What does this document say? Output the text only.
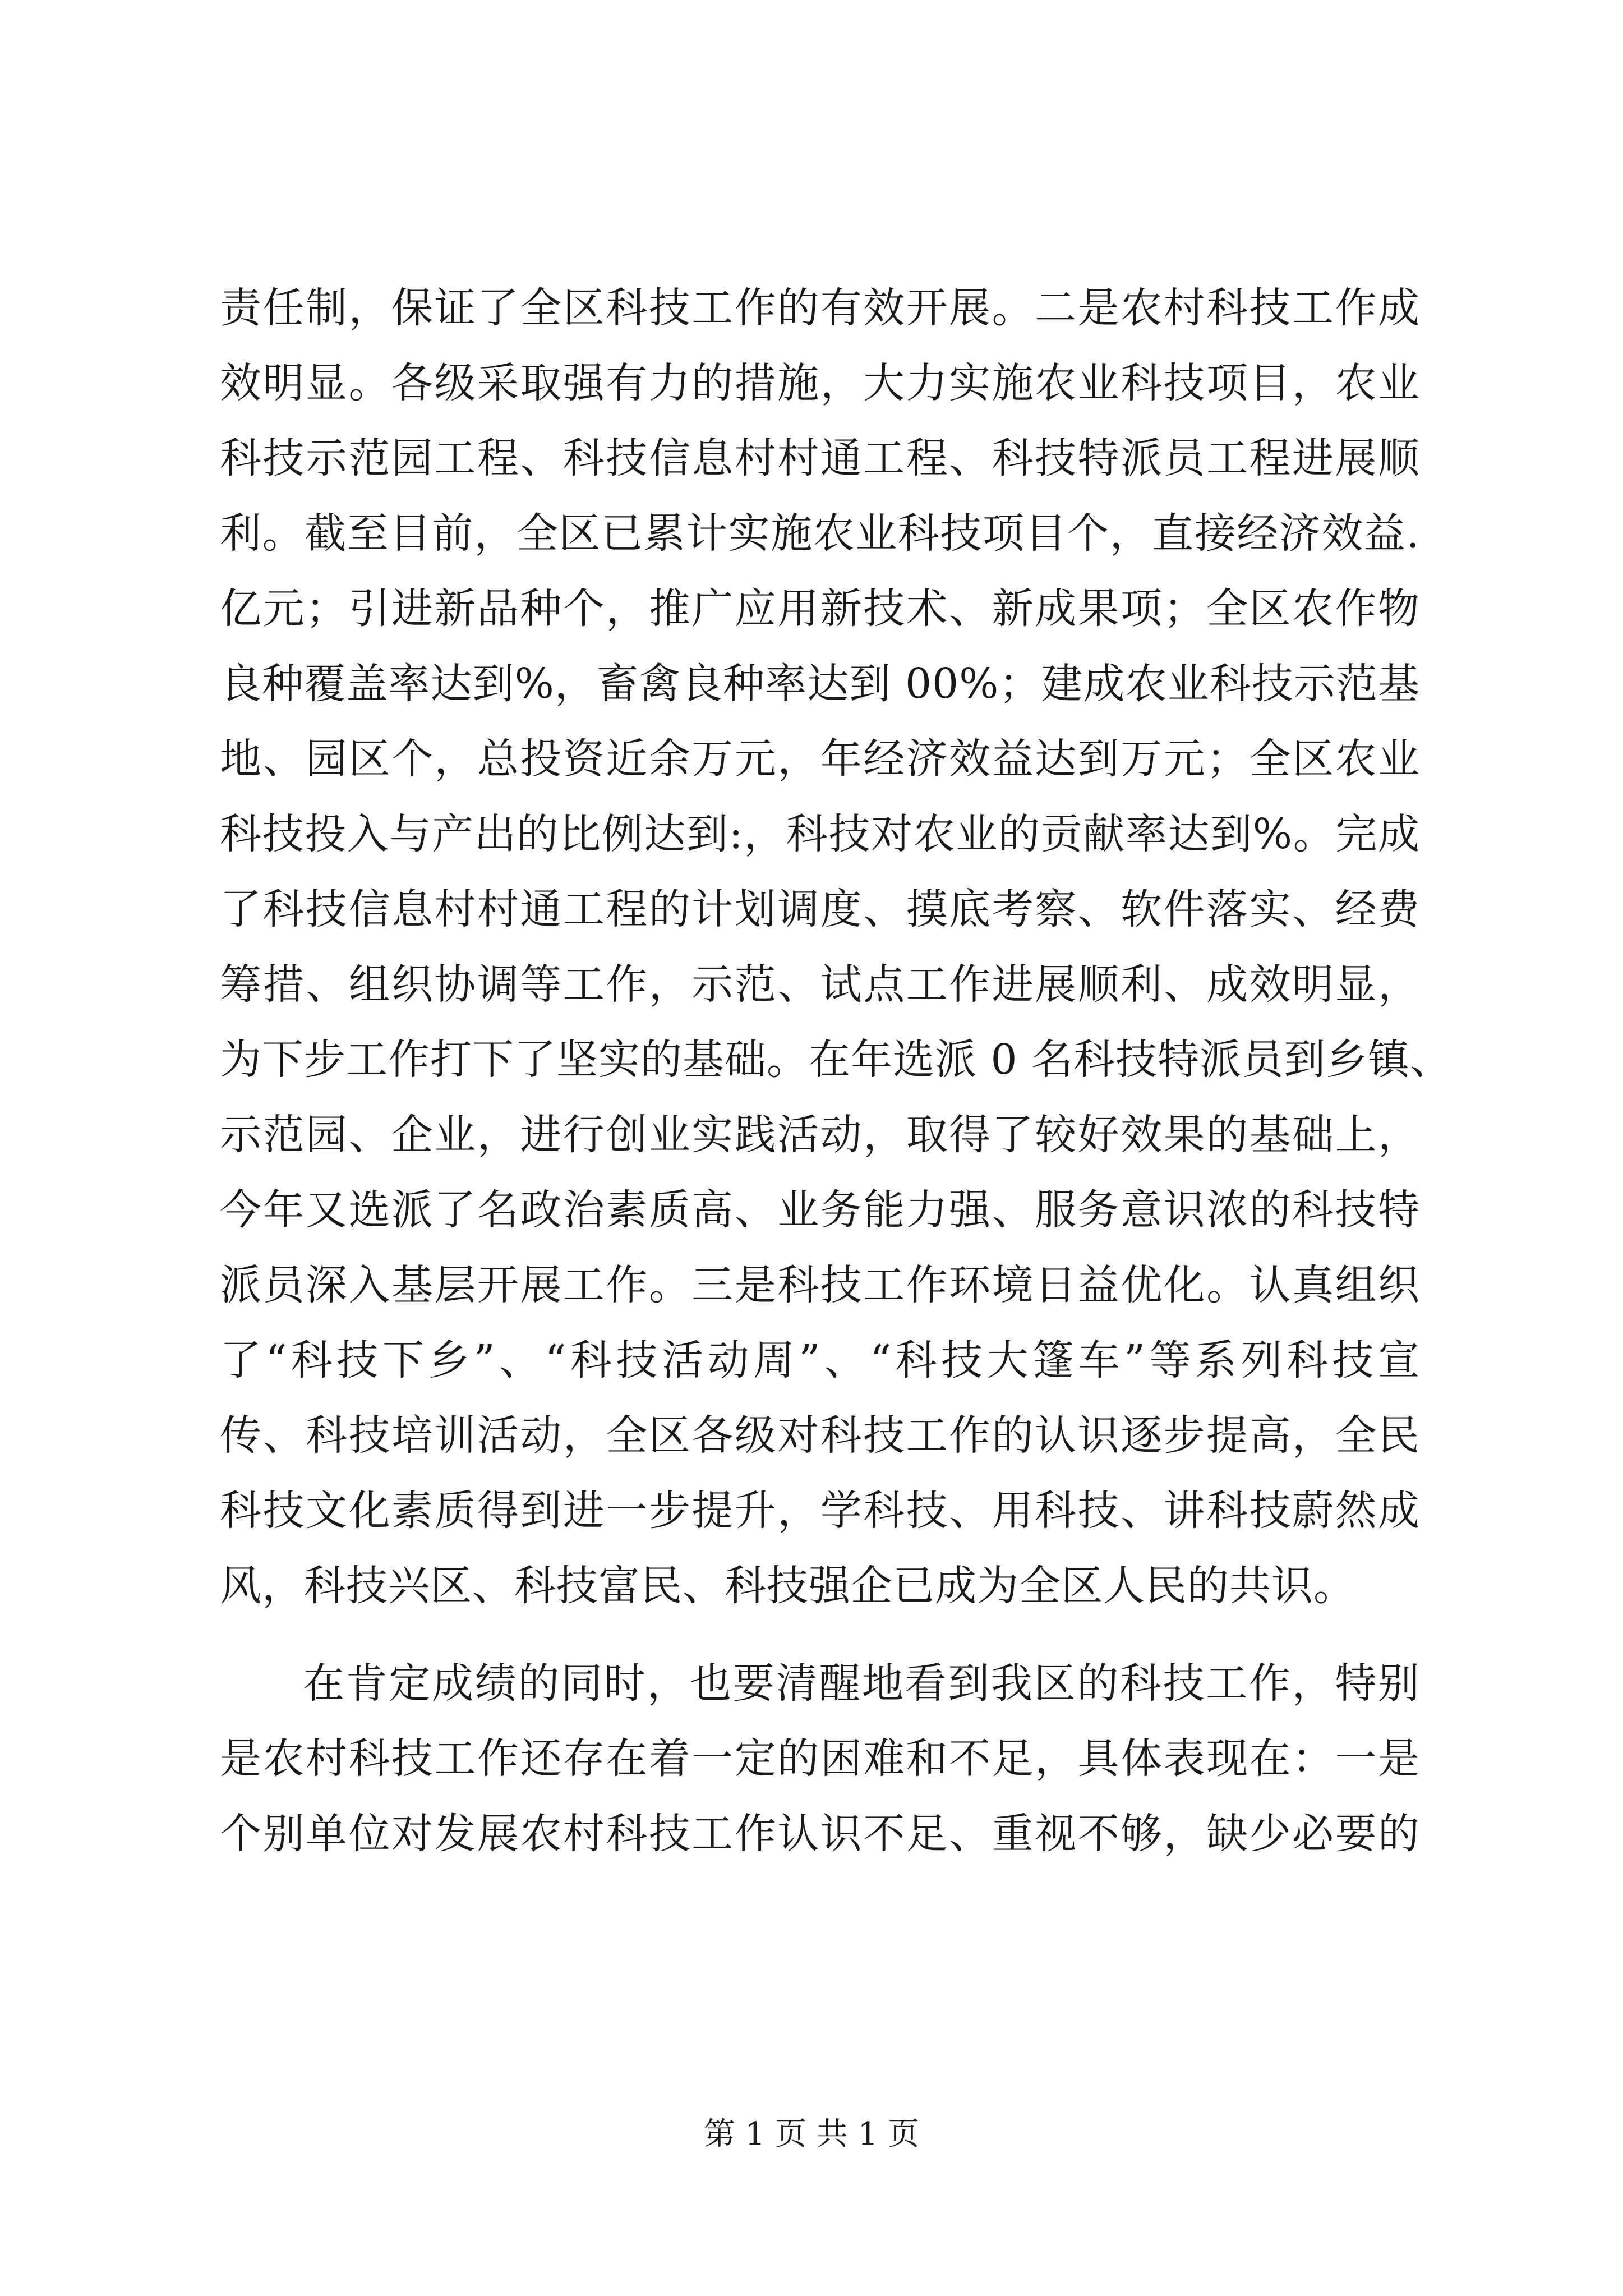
责任制，保证了全区科技工作的有效开展。二是农村科技工作成
效明显。各级采取强有力的措施，大力实施农业科技项目，农业
科技示范园工程、科技信息村村通工程、科技特派员工程进展顺
利。截至目前，全区已累计实施农业科技项目个，直接经济效益.
亿元；引进新品种个，推广应用新技术、新成果项；全区农作物
良种覆盖率达到%，畜禽良种率达到 00%；建成农业科技示范基
地、园区个，总投资近余万元，年经济效益达到万元；全区农业
科技投入与产出的比例达到:，科技对农业的贡献率达到%。完成
了科技信息村村通工程的计划调度、摸底考察、软件落实、经费
筹措、组织协调等工作，示范、试点工作进展顺利、成效明显，
为下步工作打下了坚实的基础。在年选派 0 名科技特派员到乡镇、
示范园、企业，进行创业实践活动，取得了较好效果的基础上，
今年又选派了名政治素质高、业务能力强、服务意识浓的科技特
派员深入基层开展工作。三是科技工作环境日益优化。认真组织
了“科技下乡”、“科技活动周”、“科技大篷车”等系列科技宣
传、科技培训活动，全区各级对科技工作的认识逐步提高，全民
科技文化素质得到进一步提升，学科技、用科技、讲科技蔚然成
风，科技兴区、科技富民、科技强企已成为全区人民的共识。
在肯定成绩的同时，也要清醒地看到我区的科技工作，特别
是农村科技工作还存在着一定的困难和不足，具体表现在：一是
个别单位对发展农村科技工作认识不足、重视不够，缺少必要的
第 1 页 共 1 页
